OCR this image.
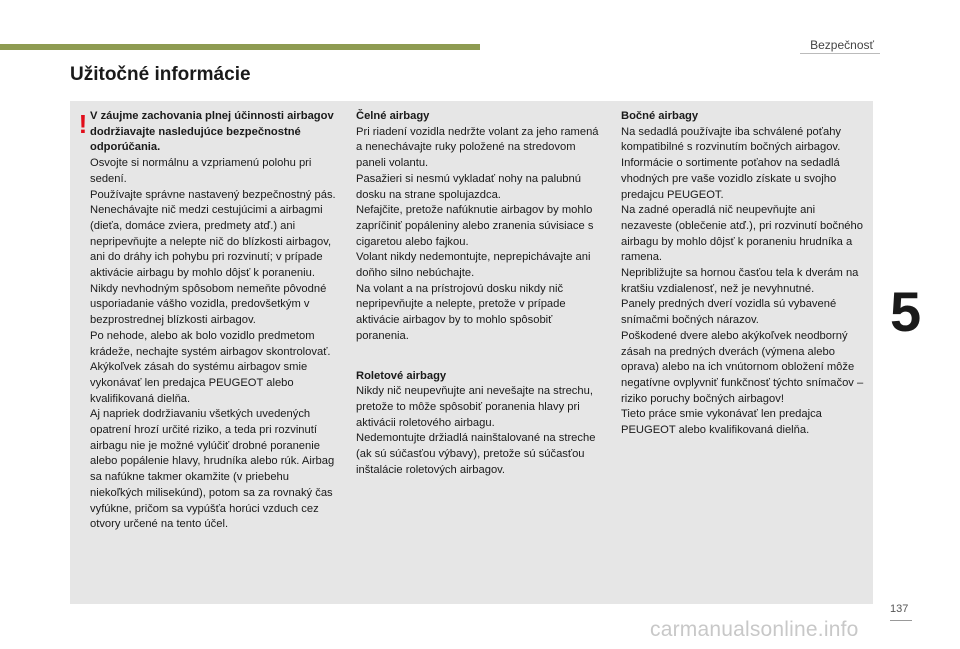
Bezpečnosť
5
Užitočné informácie
! V záujme zachovania plnej účinnosti airbagov dodržiavajte nasledujúce bezpečnostné odporúčania.

Osvojte si normálnu a vzpriamenú polohu pri sedení.

Používajte správne nastavený bezpečnostný pás.

Nenechávajte nič medzi cestujúcimi a airbagmi (dieťa, domáce zviera, predmety atď.) ani nepripevňujte a nelepte nič do blízkosti airbagov, ani do dráhy ich pohybu pri rozvinutí; v prípade aktivácie airbagu by mohlo dôjsť k poraneniu.

Nikdy nevhodným spôsobom nemeňte pôvodné usporiadanie vášho vozidla, predovšetkým v bezprostrednej blízkosti airbagov.

Po nehode, alebo ak bolo vozidlo predmetom krádeže, nechajte systém airbagov skontrolovať.

Akýkoľvek zásah do systému airbagov smie vykonávať len predajca PEUGEOT alebo kvalifikovaná dielňa.

Aj napriek dodržiavaniu všetkých uvedených opatrení hrozí určité riziko, a teda pri rozvinutí airbagu nie je možné vylúčiť drobné poranenie alebo popálenie hlavy, hrudníka alebo rúk. Airbag sa nafúkne takmer okamžite (v priebehu niekoľkých milisekúnd), potom sa za rovnaký čas vyfúkne, pričom sa vypúšťa horúci vzduch cez otvory určené na tento účel.

Čelné airbagy

Pri riadení vozidla nedržte volant za jeho ramená a nenechávajte ruky položené na stredovom paneli volantu.

Pasažieri si nesmú vykladať nohy na palubnú dosku na strane spolujazdca.

Nefajčite, pretože nafúknutie airbagov by mohlo zapríčiniť popáleniny alebo zranenia súvisiace s cigaretou alebo fajkou.

Volant nikdy nedemontujte, neprepichávajte ani doňho silno nebúchajte.

Na volant a na prístrojovú dosku nikdy nič nepripevňujte a nelepte, pretože v prípade aktivácie airbagov by to mohlo spôsobiť poranenia.

Roletové airbagy

Nikdy nič neupevňujte ani nevešajte na strechu, pretože to môže spôsobiť poranenia hlavy pri aktivácii roletového airbagu.

Nedemontujte držiadlá nainštalované na streche (ak sú súčasťou výbavy), pretože sú súčasťou inštalácie roletových airbagov.

Bočné airbagy

Na sedadlá používajte iba schválené poťahy kompatibilné s rozvinutím bočných airbagov. Informácie o sortimente poťahov na sedadlá vhodných pre vaše vozidlo získate u svojho predajcu PEUGEOT.

Na zadné operadlá nič neupevňujte ani nezaveste (oblečenie atď.), pri rozvinutí bočného airbagu by mohlo dôjsť k poraneniu hrudníka a ramena.

Nepribližujte sa hornou časťou tela k dverám na kratšiu vzdialenosť, než je nevyhnutné.

Panely predných dverí vozidla sú vybavené snímačmi bočných nárazov.

Poškodené dvere alebo akýkoľvek neodborný zásah na predných dverách (výmena alebo oprava) alebo na ich vnútornom obložení môže negatívne ovplyvniť funkčnosť týchto snímačov – riziko poruchy bočných airbagov!

Tieto práce smie vykonávať len predajca PEUGEOT alebo kvalifikovaná dielňa.

137
carmanualsonline.info
